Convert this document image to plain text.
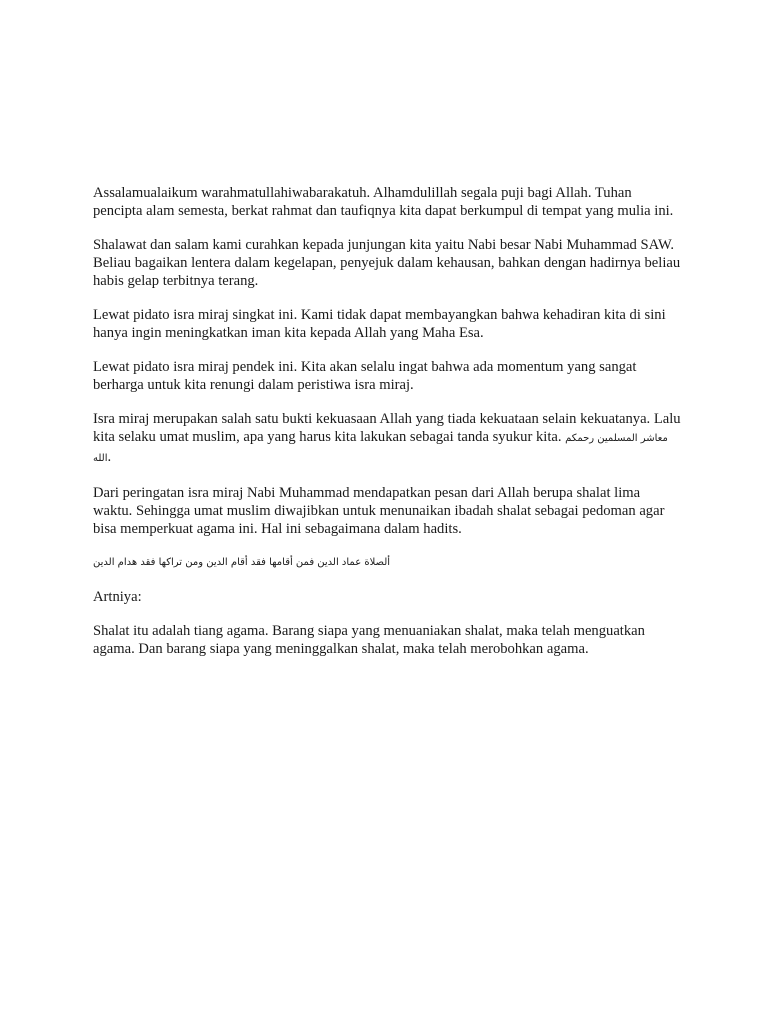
Assalamualaikum warahmatullahiwabarakatuh. Alhamdulillah segala puji bagi Allah. Tuhan pencipta alam semesta, berkat rahmat dan taufiqnya kita dapat berkumpul di tempat yang mulia ini.

Shalawat dan salam kami curahkan kepada junjungan kita yaitu Nabi besar Nabi Muhammad SAW. Beliau bagaikan lentera dalam kegelapan, penyejuk dalam kehausan, bahkan dengan hadirnya beliau habis gelap terbitnya terang.

Lewat pidato isra miraj singkat ini. Kami tidak dapat membayangkan bahwa kehadiran kita di sini hanya ingin meningkatkan iman kita kepada Allah yang Maha Esa.

Lewat pidato isra miraj pendek ini. Kita akan selalu ingat bahwa ada momentum yang sangat berharga untuk kita renungi dalam peristiwa isra miraj.

Isra miraj merupakan salah satu bukti kekuasaan Allah yang tiada kekuataan selain kekuatanya. Lalu kita selaku umat muslim, apa yang harus kita lakukan sebagai tanda syukur kita. معاشر المسلمين رحمكم الله.

Dari peringatan isra miraj Nabi Muhammad mendapatkan pesan dari Allah berupa shalat lima waktu. Sehingga umat muslim diwajibkan untuk menunaikan ibadah shalat sebagai pedoman agar bisa memperkuat agama ini. Hal ini sebagaimana dalam hadits.

ألصلاة عماد الدين فمن أقامها فقد أقام الدين ومن تراكها فقد هدام الدين

Artniya:

Shalat itu adalah tiang agama. Barang siapa yang menuaniakan shalat, maka telah menguatkan agama. Dan barang siapa yang meninggalkan shalat, maka telah merobohkan agama.
